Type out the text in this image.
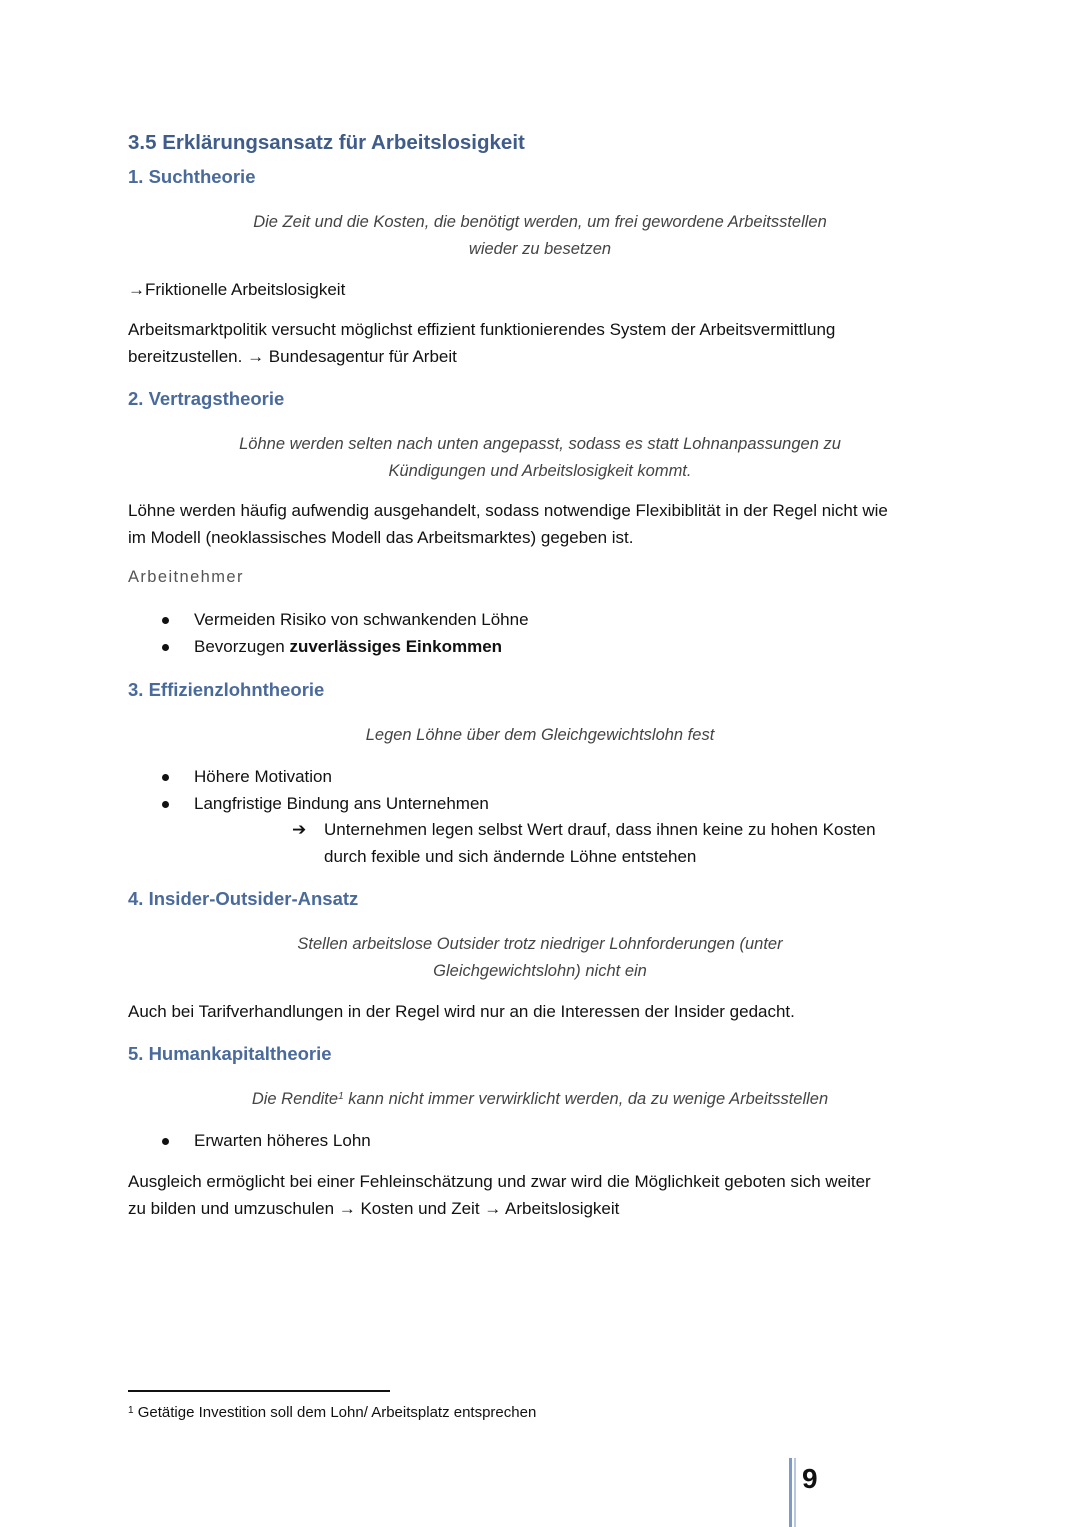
3.5 Erklärungsansatz für Arbeitslosigkeit
1. Suchtheorie
Die Zeit und die Kosten, die benötigt werden, um frei gewordene Arbeitsstellen
wieder zu besetzen
→Friktionelle Arbeitslosigkeit
Arbeitsmarktpolitik versucht möglichst effizient funktionierendes System der Arbeitsvermittlung
bereitzustellen. → Bundesagentur für Arbeit
2. Vertragstheorie
Löhne werden selten nach unten angepasst, sodass es statt Lohnanpassungen zu
Kündigungen und Arbeitslosigkeit kommt.
Löhne werden häufig aufwendig ausgehandelt, sodass notwendige Flexibiblität in der Regel nicht wie
im Modell (neoklassisches Modell das Arbeitsmarktes) gegeben ist.
Arbeitnehmer
Vermeiden Risiko von schwankenden Löhne
Bevorzugen zuverlässiges Einkommen
3. Effizienzlohntheorie
Legen Löhne über dem Gleichgewichtslohn fest
Höhere Motivation
Langfristige Bindung ans Unternehmen
➔ Unternehmen legen selbst Wert drauf, dass ihnen keine zu hohen Kosten
durch fexible und sich ändernde Löhne entstehen
4. Insider-Outsider-Ansatz
Stellen arbeitslose Outsider trotz niedriger Lohnforderungen (unter
Gleichgewichtslohn) nicht ein
Auch bei Tarifverhandlungen in der Regel wird nur an die Interessen der Insider gedacht.
5. Humankapitaltheorie
Die Rendite$^1$ kann nicht immer verwirklicht werden, da zu wenige Arbeitsstellen
Erwarten höheres Lohn
Ausgleich ermöglicht bei einer Fehleinschätzung und zwar wird die Möglichkeit geboten sich weiter
zu bilden und umzuschulen → Kosten und Zeit → Arbeitslosigkeit
$^1$ Getätige Investition soll dem Lohn/ Arbeitsplatz entsprechen
9
